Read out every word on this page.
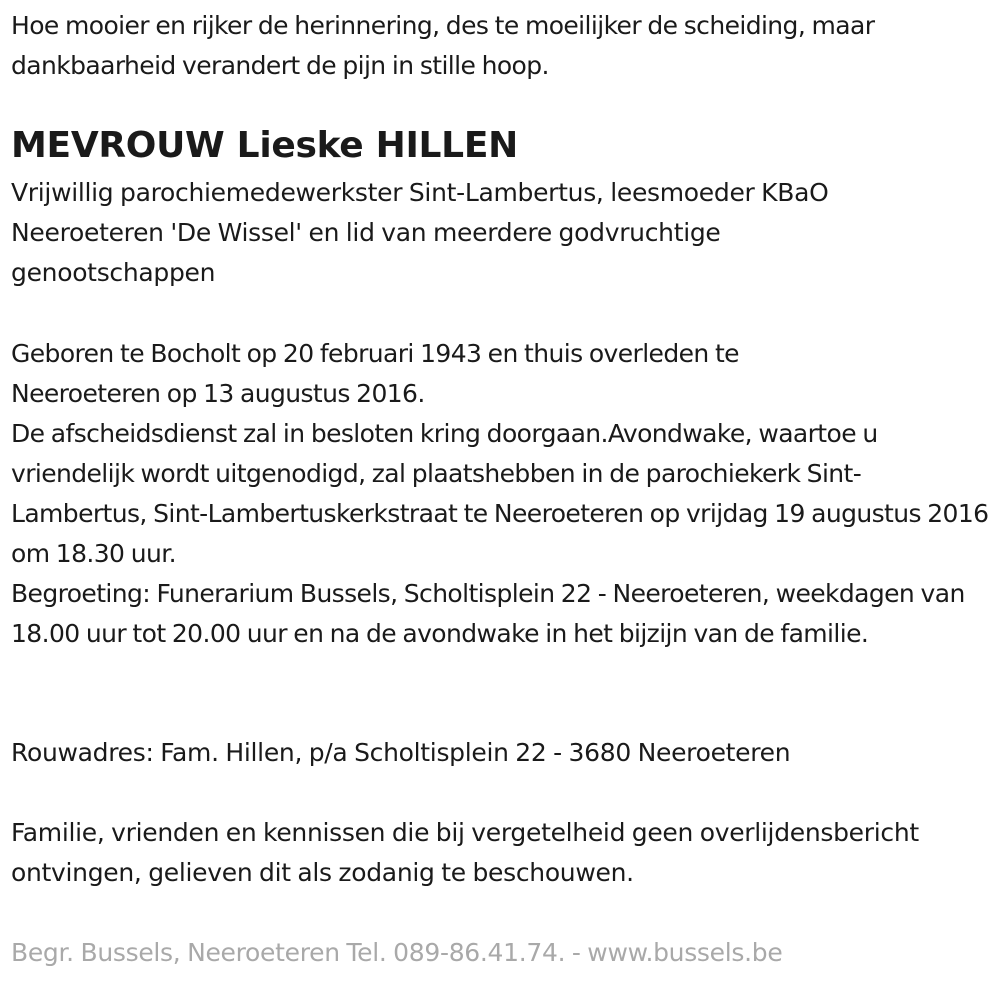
Hoe mooier en rijker de herinnering, des te moeilijker de scheiding, maar dankbaarheid verandert de pijn in stille hoop.

MEVROUW Lieske HILLEN

Vrijwillig parochiemedewerkster Sint-Lambertus, leesmoeder KBaO Neeroeteren 'De Wissel' en lid van meerdere godvruchtige genootschappen

Geboren te Bocholt op 20 februari 1943 en thuis overleden te Neeroeteren op 13 augustus 2016.

De afscheidsdienst zal in besloten kring doorgaan.Avondwake, waartoe u vriendelijk wordt uitgenodigd, zal plaatshebben in de parochiekerk Sint-Lambertus, Sint-Lambertuskerkstraat te Neeroeteren op vrijdag 19 augustus 2016 om 18.30 uur.

Begroeting: Funerarium Bussels, Scholtisplein 22 - Neeroeteren, weekdagen van 18.00 uur tot 20.00 uur en na de avondwake in het bijzijn van de familie.

Rouwadres: Fam. Hillen, p/a Scholtisplein 22 - 3680 Neeroeteren

Familie, vrienden en kennissen die bij vergetelheid geen overlijdensbericht ontvingen, gelieven dit als zodanig te beschouwen.

Begr. Bussels, Neeroeteren Tel. 089-86.41.74. - www.bussels.be
